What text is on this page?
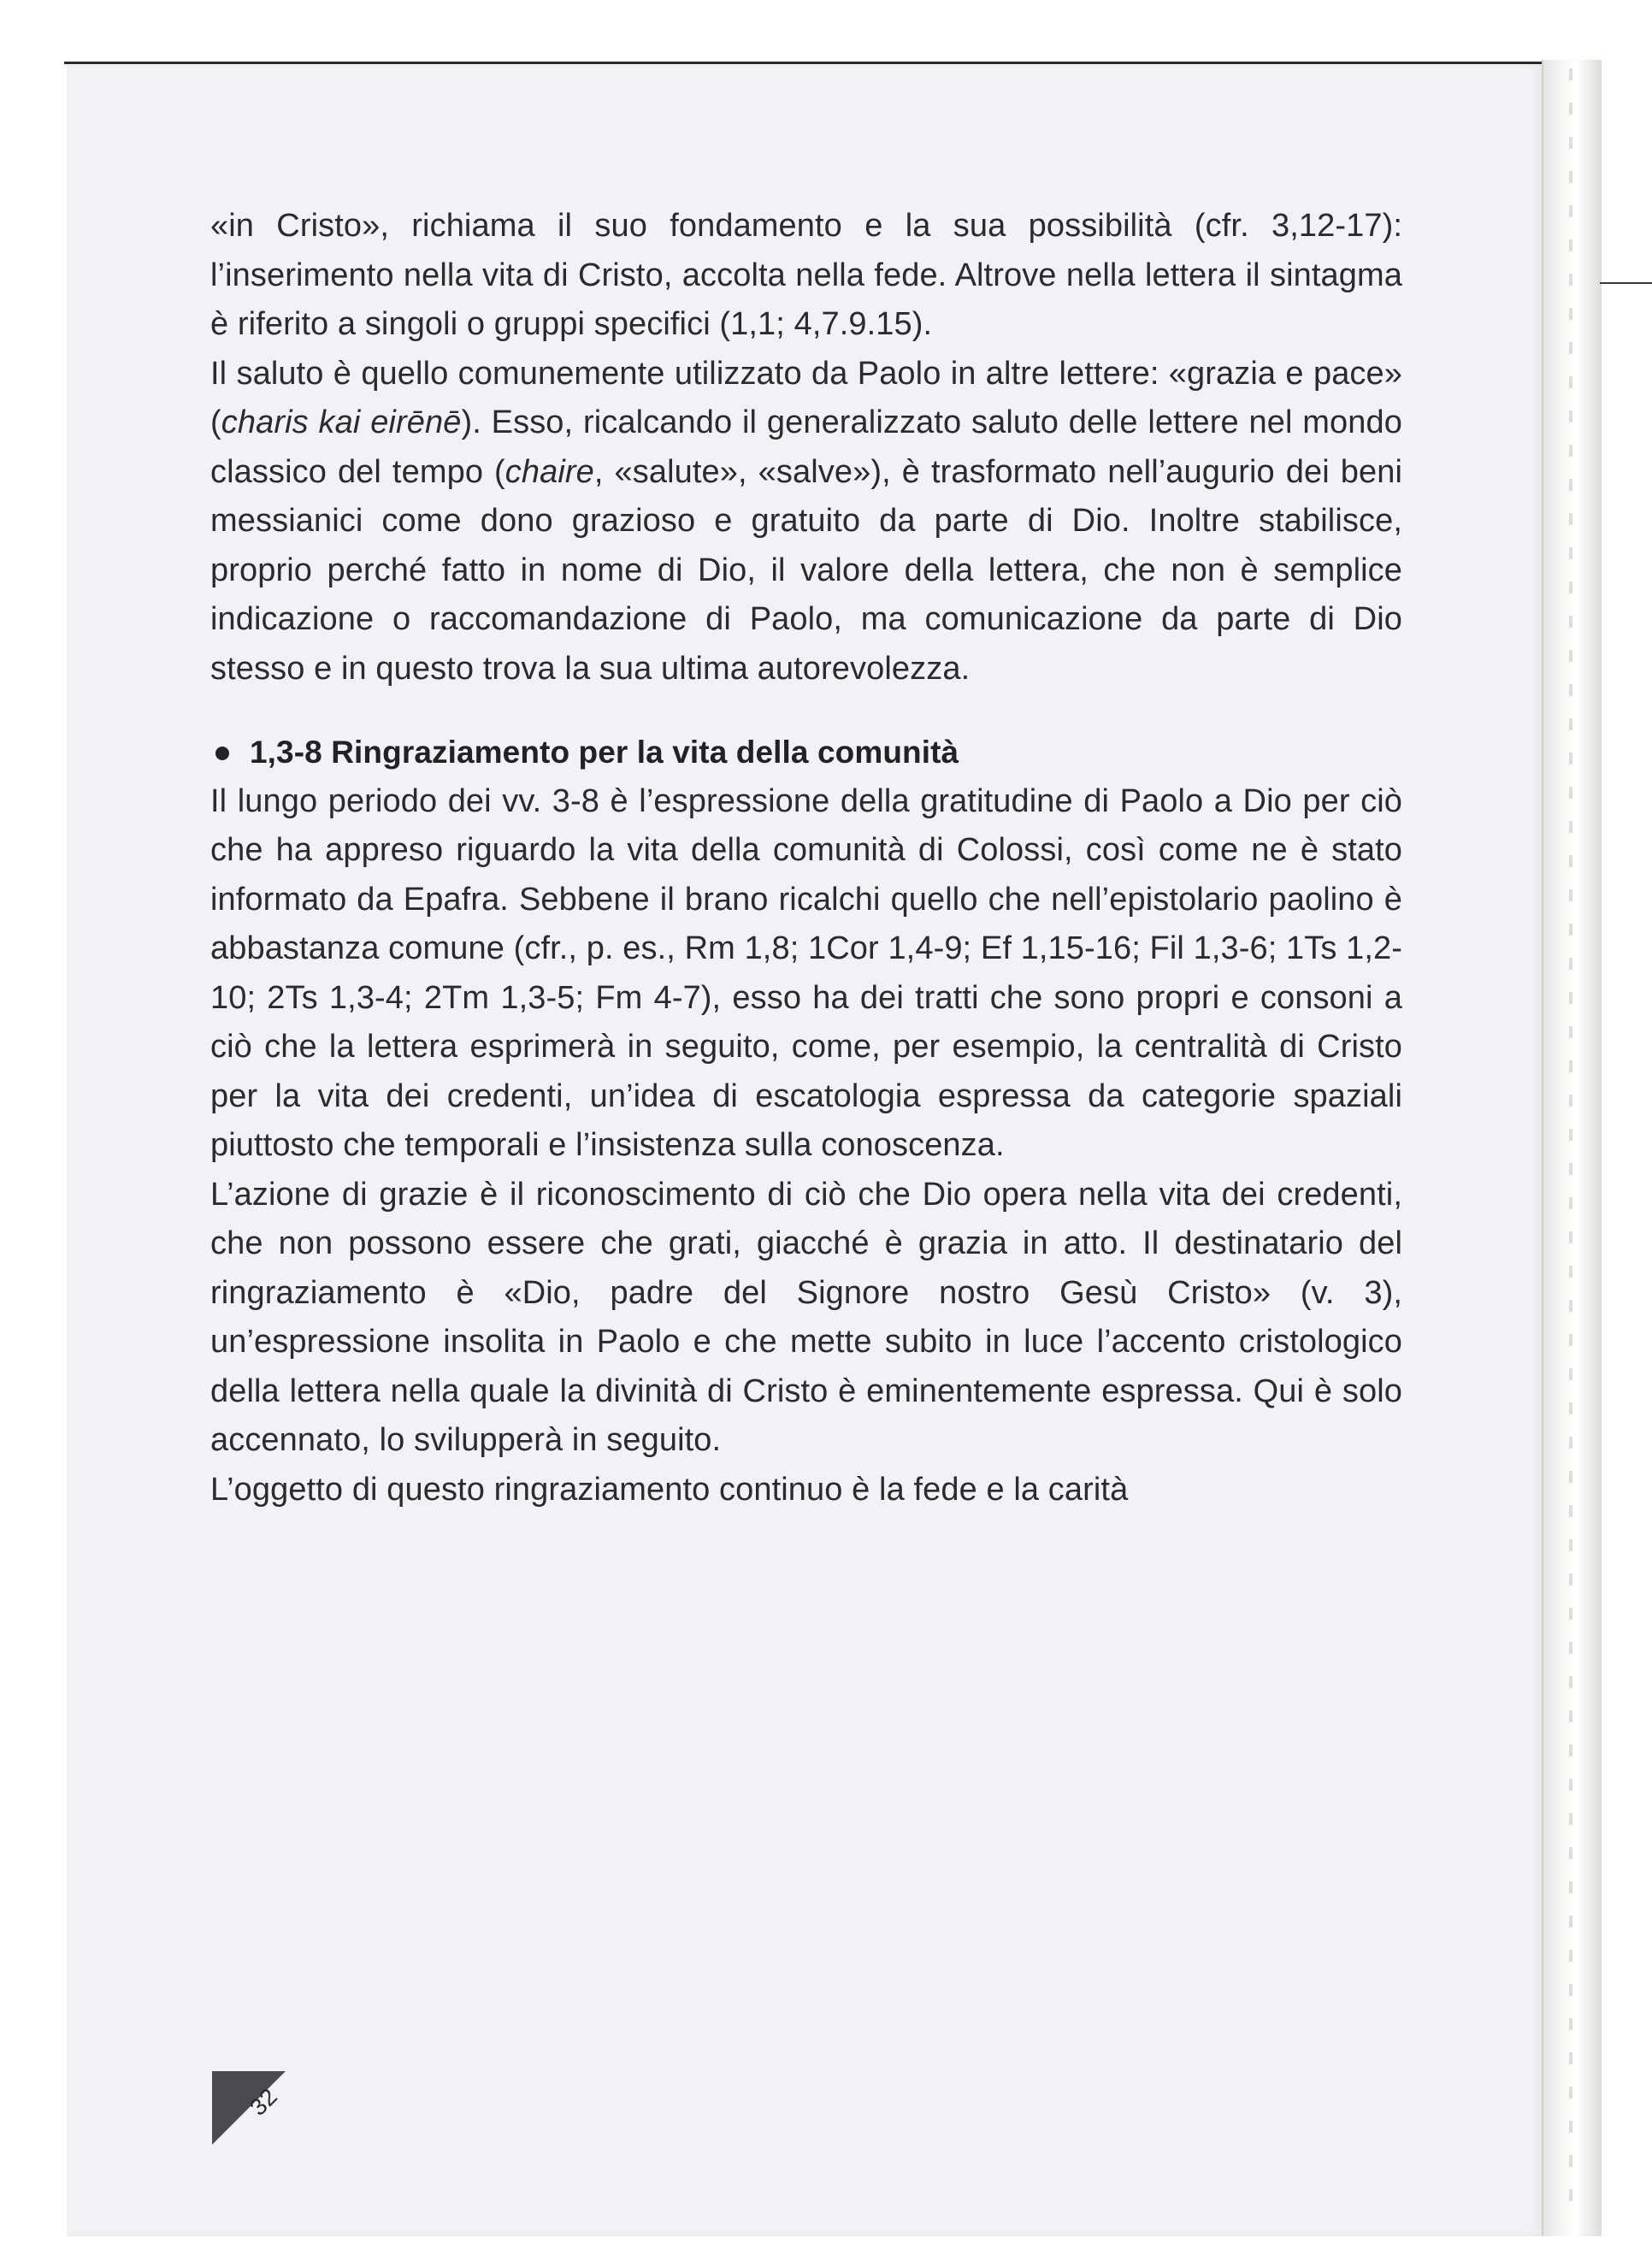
«in Cristo», richiama il suo fondamento e la sua possibilità (cfr. 3,12-17): l’inserimento nella vita di Cristo, accolta nella fede. Altrove nella lettera il sintagma è riferito a singoli o gruppi specifici (1,1; 4,7.9.15).

Il saluto è quello comunemente utilizzato da Paolo in altre lettere: «grazia e pace» (charis kai eirēnē). Esso, ricalcando il generalizzato saluto delle lettere nel mondo classico del tempo (chaire, «salute», «salve»), è trasformato nell’augurio dei beni messianici come dono grazioso e gratuito da parte di Dio. Inoltre stabilisce, proprio perché fatto in nome di Dio, il valore della lettera, che non è semplice indicazione o raccomandazione di Paolo, ma comunicazione da parte di Dio stesso e in questo trova la sua ultima autorevolezza.

1,3-8 Ringraziamento per la vita della comunità

Il lungo periodo dei vv. 3-8 è l’espressione della gratitudine di Paolo a Dio per ciò che ha appreso riguardo la vita della comunità di Colossi, così come ne è stato informato da Epafra. Sebbene il brano ricalchi quello che nell’epistolario paolino è abbastanza comune (cfr., p. es., Rm 1,8; 1Cor 1,4-9; Ef 1,15-16; Fil 1,3-6; 1Ts 1,2-10; 2Ts 1,3-4; 2Tm 1,3-5; Fm 4-7), esso ha dei tratti che sono propri e consoni a ciò che la lettera esprimerà in seguito, come, per esempio, la centralità di Cristo per la vita dei credenti, un’idea di escatologia espressa da categorie spaziali piuttosto che temporali e l’insistenza sulla conoscenza.

L’azione di grazie è il riconoscimento di ciò che Dio opera nella vita dei credenti, che non possono essere che grati, giacché è grazia in atto. Il destinatario del ringraziamento è «Dio, padre del Signore nostro Gesù Cristo» (v. 3), un’espressione insolita in Paolo e che mette subito in luce l’accento cristologico della lettera nella quale la divinità di Cristo è eminentemente espressa. Qui è solo accennato, lo svilupperà in seguito.

L’oggetto di questo ringraziamento continuo è la fede e la carità

32
